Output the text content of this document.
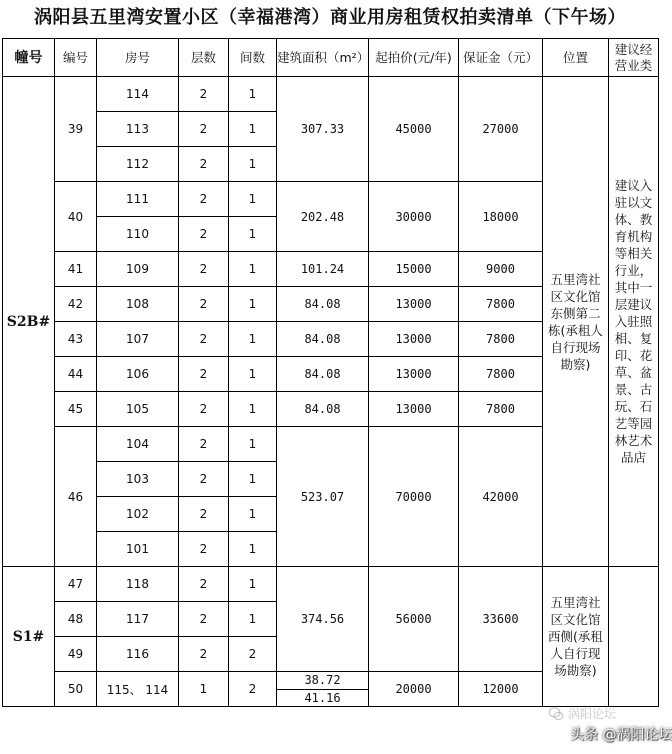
涡阳县五里湾安置小区（幸福港湾）商业用房租赁权拍卖清单（下午场）
幢号	编号	房号	层数	间数	建筑面积（m²）	起拍价(元/年)	保证金（元）	位置	建议经营业类
S2B#	39	114	2	1	307.33	45000	27000	五里湾社区文化馆东侧第二栋(承租人自行现场勘察)	建议入驻以文体、教育机构等相关行业，其中一层建议入驻照相、复印、花草、盆景、古玩、石艺等园林艺术品店
		113	2	1					
		112	2	1					
	40	111	2	1	202.48	30000	18000		
		110	2	1					
	41	109	2	1	101.24	15000	9000		
	42	108	2	1	84.08	13000	7800		
	43	107	2	1	84.08	13000	7800		
	44	106	2	1	84.08	13000	7800		
	45	105	2	1	84.08	13000	7800		
	46	104	2	1	523.07	70000	42000		
		103	2	1					
		102	2	1					
		101	2	1					
S1#	47	118	2	1	374.56	56000	33600	五里湾社区文化馆西侧(承租人自行现场勘察)	
	48	117	2	1					
	49	116	2	2					
	50	115、 114	1	2	38.72	20000	12000		
					41.16				
涡阳论坛
头条 @涡阳论坛
